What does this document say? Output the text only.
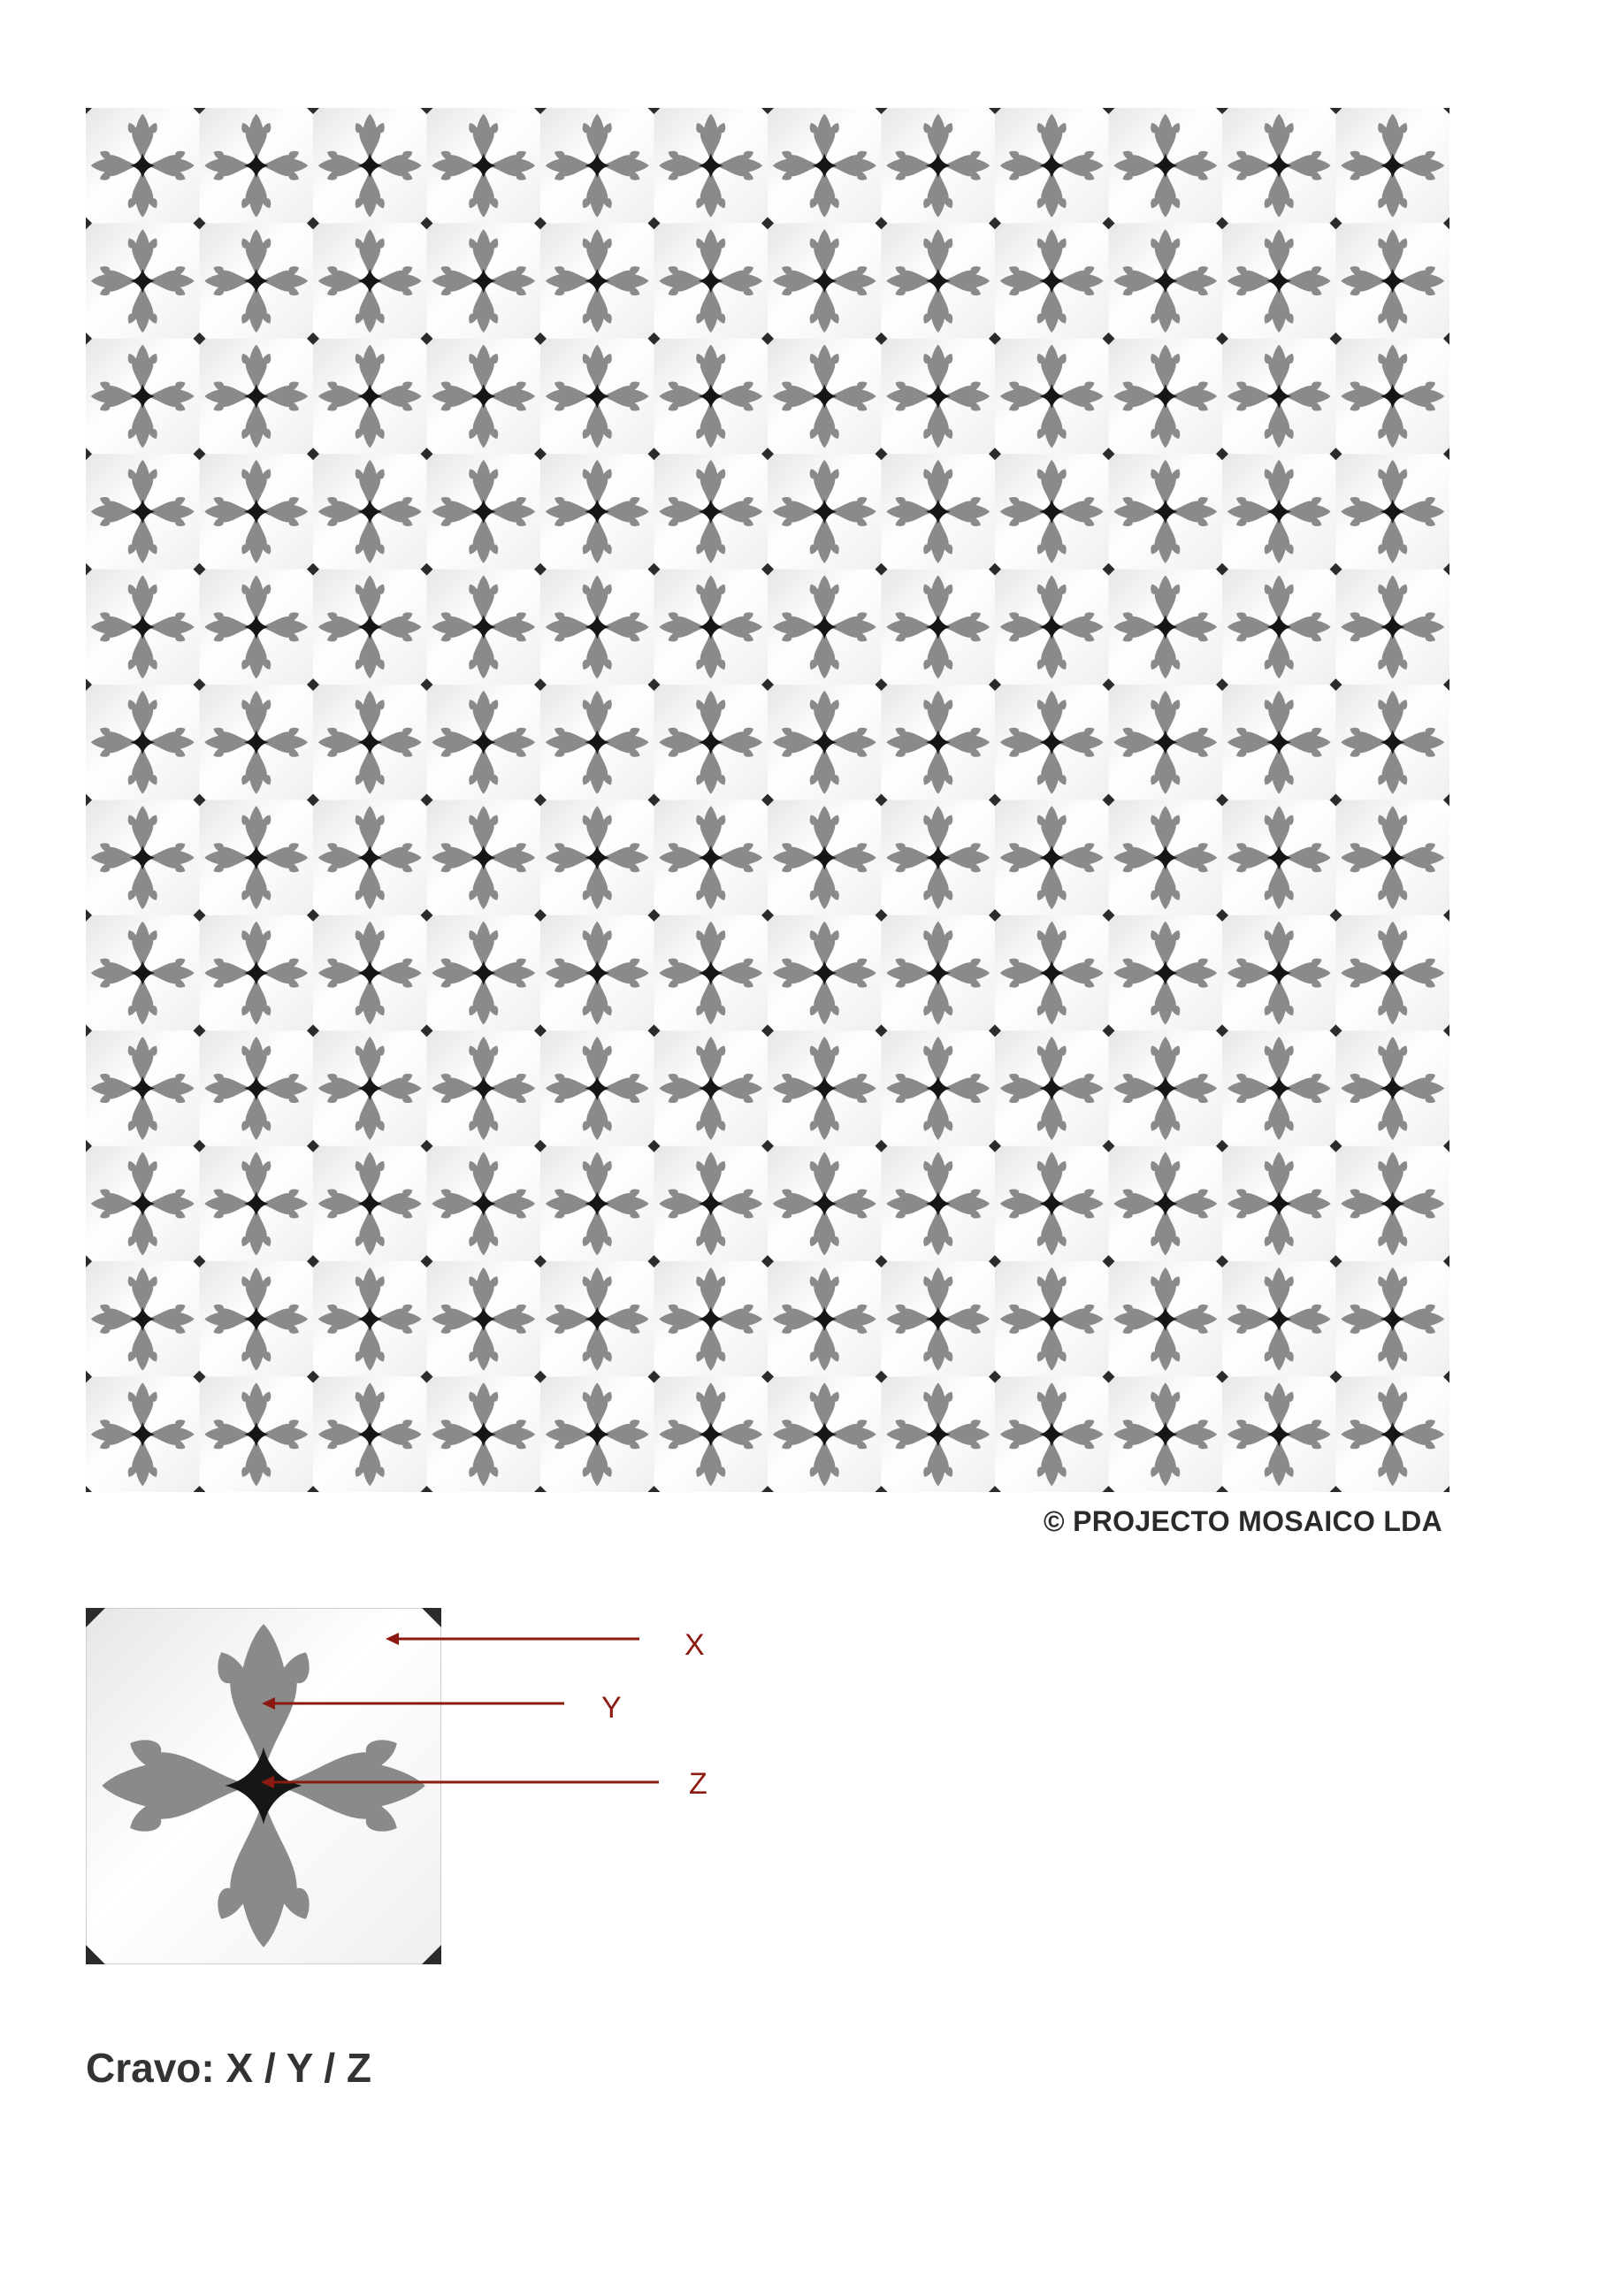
© PROJECTO MOSAICO LDA
X
Y
Z
Cravo: X / Y / Z
